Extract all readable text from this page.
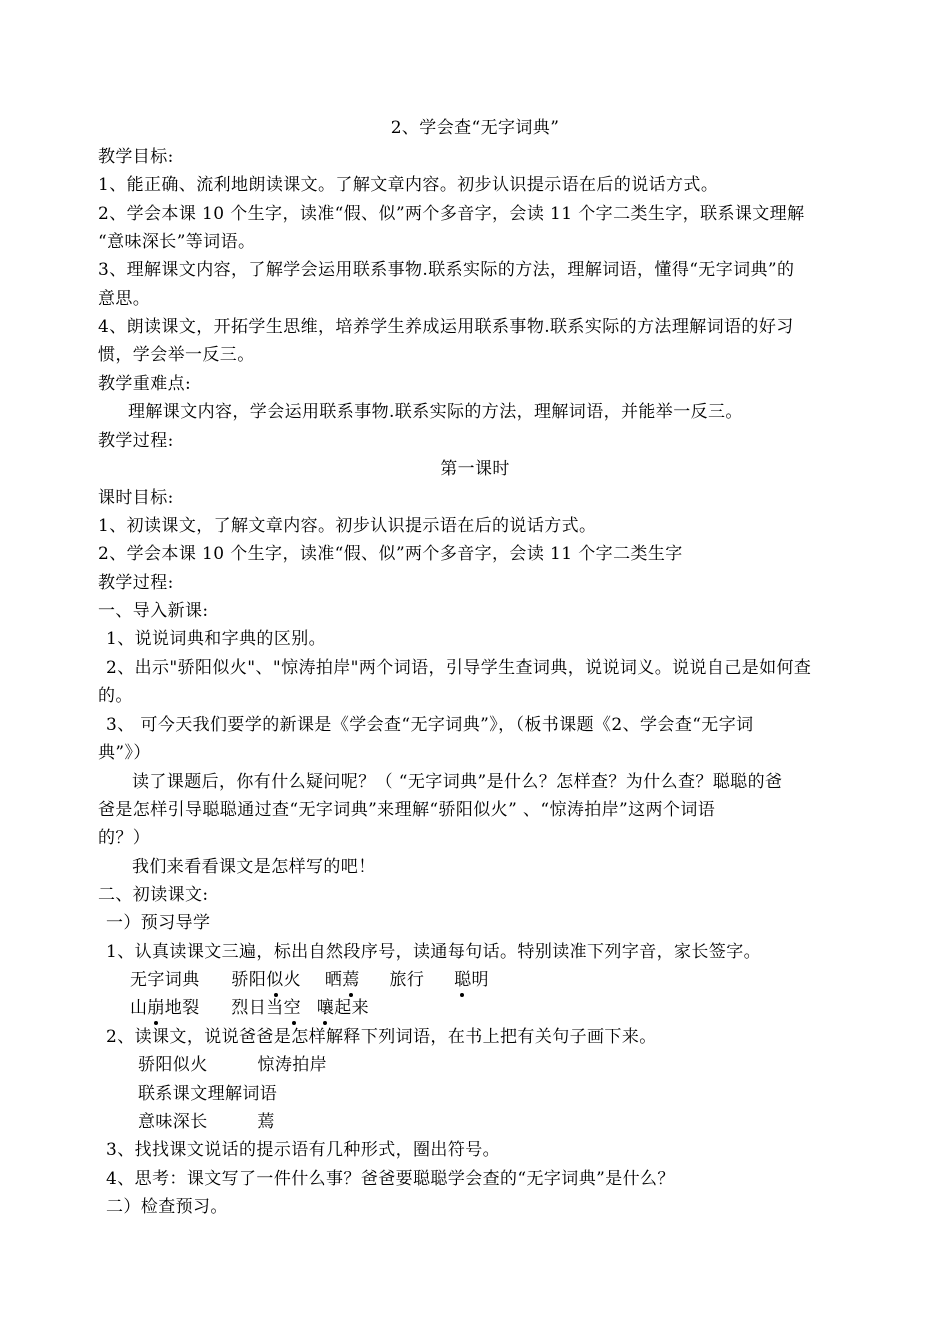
2、学会查“无字词典”
教学目标:
1、能正确、流利地朗读课文。了解文章内容。初步认识提示语在后的说话方式。
2、学会本课 10 个生字，读准“假、似”两个多音字，会读 11 个字二类生字，联系课文理解
“意味深长”等词语。
3、理解课文内容，了解学会运用联系事物.联系实际的方法，理解词语，懂得“无字词典”的
意思。
4、朗读课文，开拓学生思维，培养学生养成运用联系事物.联系实际的方法理解词语的好习
惯，学会举一反三。
教学重难点:
理解课文内容，学会运用联系事物.联系实际的方法，理解词语，并能举一反三。
教学过程:
第一课时
课时目标:
1、初读课文，了解文章内容。初步认识提示语在后的说话方式。
2、学会本课 10 个生字，读准“假、似”两个多音字，会读 11 个字二类生字
教学过程:
一、导入新课:
1、说说词典和字典的区别。
2、出示"骄阳似火"、"惊涛拍岸"两个词语，引导学生查词典，说说词义。说说自己是如何查
的。
3、 可今天我们要学的新课是《学会查“无字词典”》，（板书课题《2、学会查“无字词
典”》）
读了课题后，你有什么疑问呢？（ “无字词典”是什么？怎样查？为什么查？聪聪的爸
爸是怎样引导聪聪通过查“无字词典”来理解“骄阳似火” 、“惊涛拍岸”这两个词语
的？）
我们来看看课文是怎样写的吧！
二、初读课文:
一）预习导学
1、认真读课文三遍，标出自然段序号，读通每句话。特别读准下列字音，家长签字。
无字词典 骄阳似火 晒蔫 旅行 聪明
山崩地裂 烈日当空 嚷起来
2、读课文，说说爸爸是怎样解释下列词语，在书上把有关句子画下来。
骄阳似火	惊涛拍岸
联系课文理解词语
意味深长	蔫
3、找找课文说话的提示语有几种形式，圈出符号。
4、思考：课文写了一件什么事？爸爸要聪聪学会查的“无字词典”是什么？
二）检查预习。
